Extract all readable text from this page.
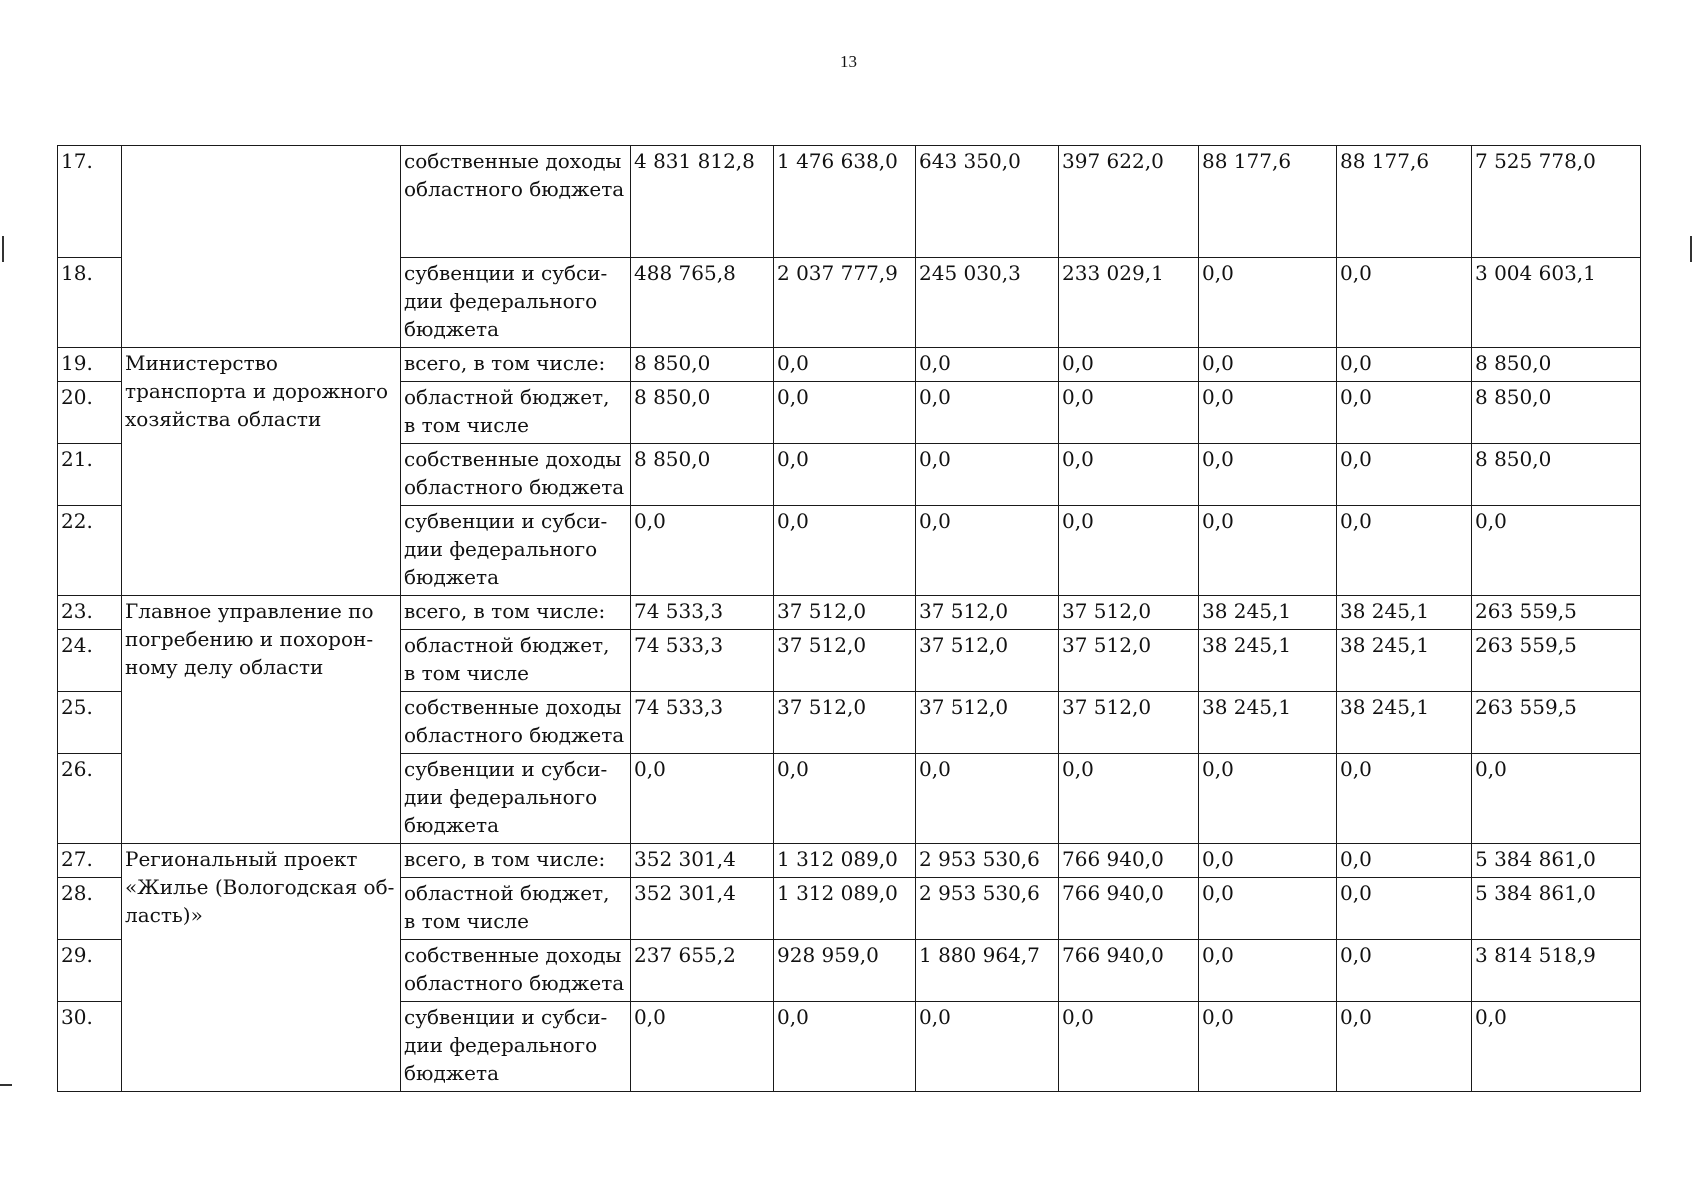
13
17.		собственные доходы областного бюджета	4 831 812,8	1 476 638,0	643 350,0	397 622,0	88 177,6	88 177,6	7 525 778,0
18.		субвенции и субси-дии федерального бюджета	488 765,8	2 037 777,9	245 030,3	233 029,1	0,0	0,0	3 004 603,1
19.	Министерство транспорта и дорожного хозяйства области	всего, в том числе:	8 850,0	0,0	0,0	0,0	0,0	0,0	8 850,0
20.		областной бюджет, в том числе	8 850,0	0,0	0,0	0,0	0,0	0,0	8 850,0
21.		собственные доходы областного бюджета	8 850,0	0,0	0,0	0,0	0,0	0,0	8 850,0
22.		субвенции и субси-дии федерального бюджета	0,0	0,0	0,0	0,0	0,0	0,0	0,0
23.	Главное управление по погребению и похорон-ному делу области	всего, в том числе:	74 533,3	37 512,0	37 512,0	37 512,0	38 245,1	38 245,1	263 559,5
24.		областной бюджет, в том числе	74 533,3	37 512,0	37 512,0	37 512,0	38 245,1	38 245,1	263 559,5
25.		собственные доходы областного бюджета	74 533,3	37 512,0	37 512,0	37 512,0	38 245,1	38 245,1	263 559,5
26.		субвенции и субси-дии федерального бюджета	0,0	0,0	0,0	0,0	0,0	0,0	0,0
27.	Региональный проект «Жилье (Вологодская об-ласть)»	всего, в том числе:	352 301,4	1 312 089,0	2 953 530,6	766 940,0	0,0	0,0	5 384 861,0
28.		областной бюджет, в том числе	352 301,4	1 312 089,0	2 953 530,6	766 940,0	0,0	0,0	5 384 861,0
29.		собственные доходы областного бюджета	237 655,2	928 959,0	1 880 964,7	766 940,0	0,0	0,0	3 814 518,9
30.		субвенции и субси-дии федерального бюджета	0,0	0,0	0,0	0,0	0,0	0,0	0,0
